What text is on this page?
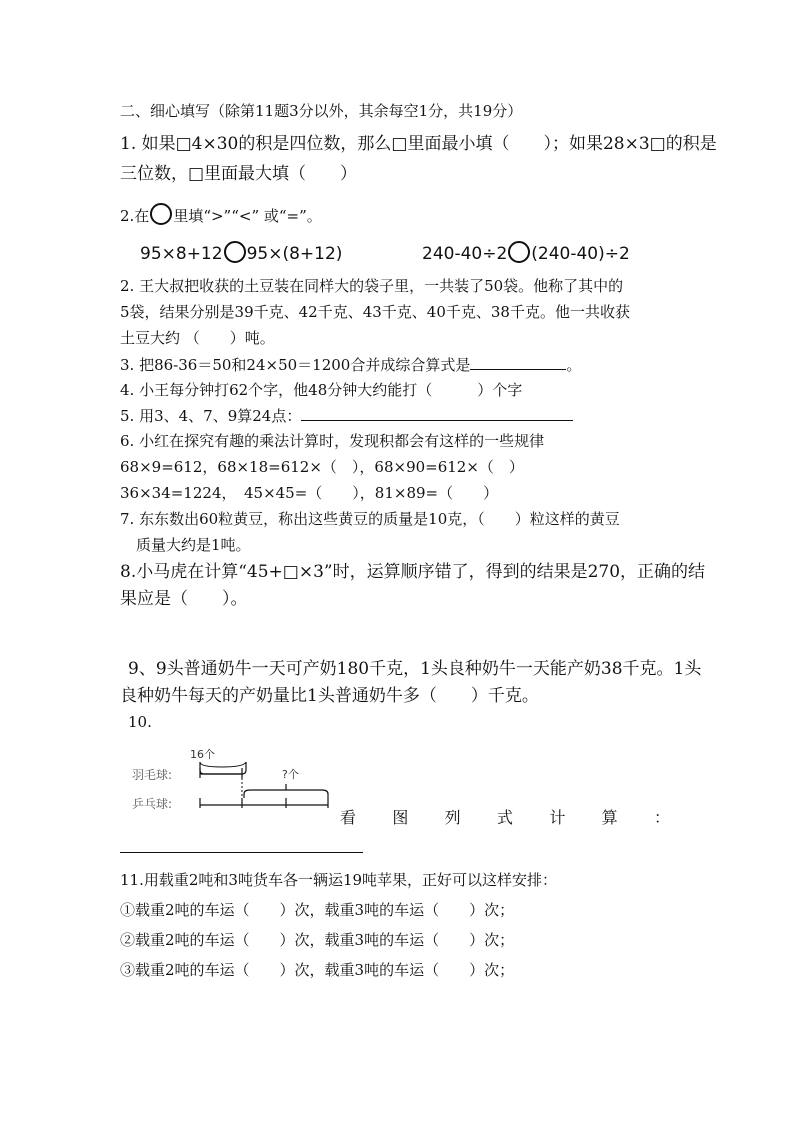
二、细心填写（除第11题3分以外，其余每空1分，共19分）
1. 如果□4×30的积是四位数，那么□里面最小填（　　）；如果28×3□的积是
三位数，□里面最大填（　　）
2.在 里填“>”“<” 或“=”。
95×8+12 95×(8+12)	240-40÷2 (240-40)÷2
2. 王大叔把收获的土豆装在同样大的袋子里，一共装了50袋。他称了其中的
5袋，结果分别是39千克、42千克、43千克、40千克、38千克。他一共收获
土豆大约 （　　）吨。
3. 把86-36＝50和24×50＝1200合并成综合算式是	。
4. 小王每分钟打62个字，他48分钟大约能打（　　　）个字
5. 用3、4、7、9算24点：
6. 小红在探究有趣的乘法计算时，发现积都会有这样的一些规律
68×9=612，68×18=612×（　），68×90=612×（　）
36×34=1224，　45×45=（　　），81×89=（　　）
7. 东东数出60粒黄豆，称出这些黄豆的质量是10克，（　　）粒这样的黄豆
质量大约是1吨。
8.小马虎在计算“45+□×3”时，运算顺序错了，得到的结果是270，正确的结
果应是（　　）。
9、9头普通奶牛一天可产奶180千克，1头良种奶牛一天能产奶38千克。1头
良种奶牛每天的产奶量比1头普通奶牛多（　　）千克。
10.
16个
羽毛球:	?个
乒乓球:
看 图 列 式 计 算 ：
11.用载重2吨和3吨货车各一辆运19吨苹果，正好可以这样安排：
①载重2吨的车运（　　）次，载重3吨的车运（　　）次；
②载重2吨的车运（　　）次，载重3吨的车运（　　）次；
③载重2吨的车运（　　）次，载重3吨的车运（　　）次；
